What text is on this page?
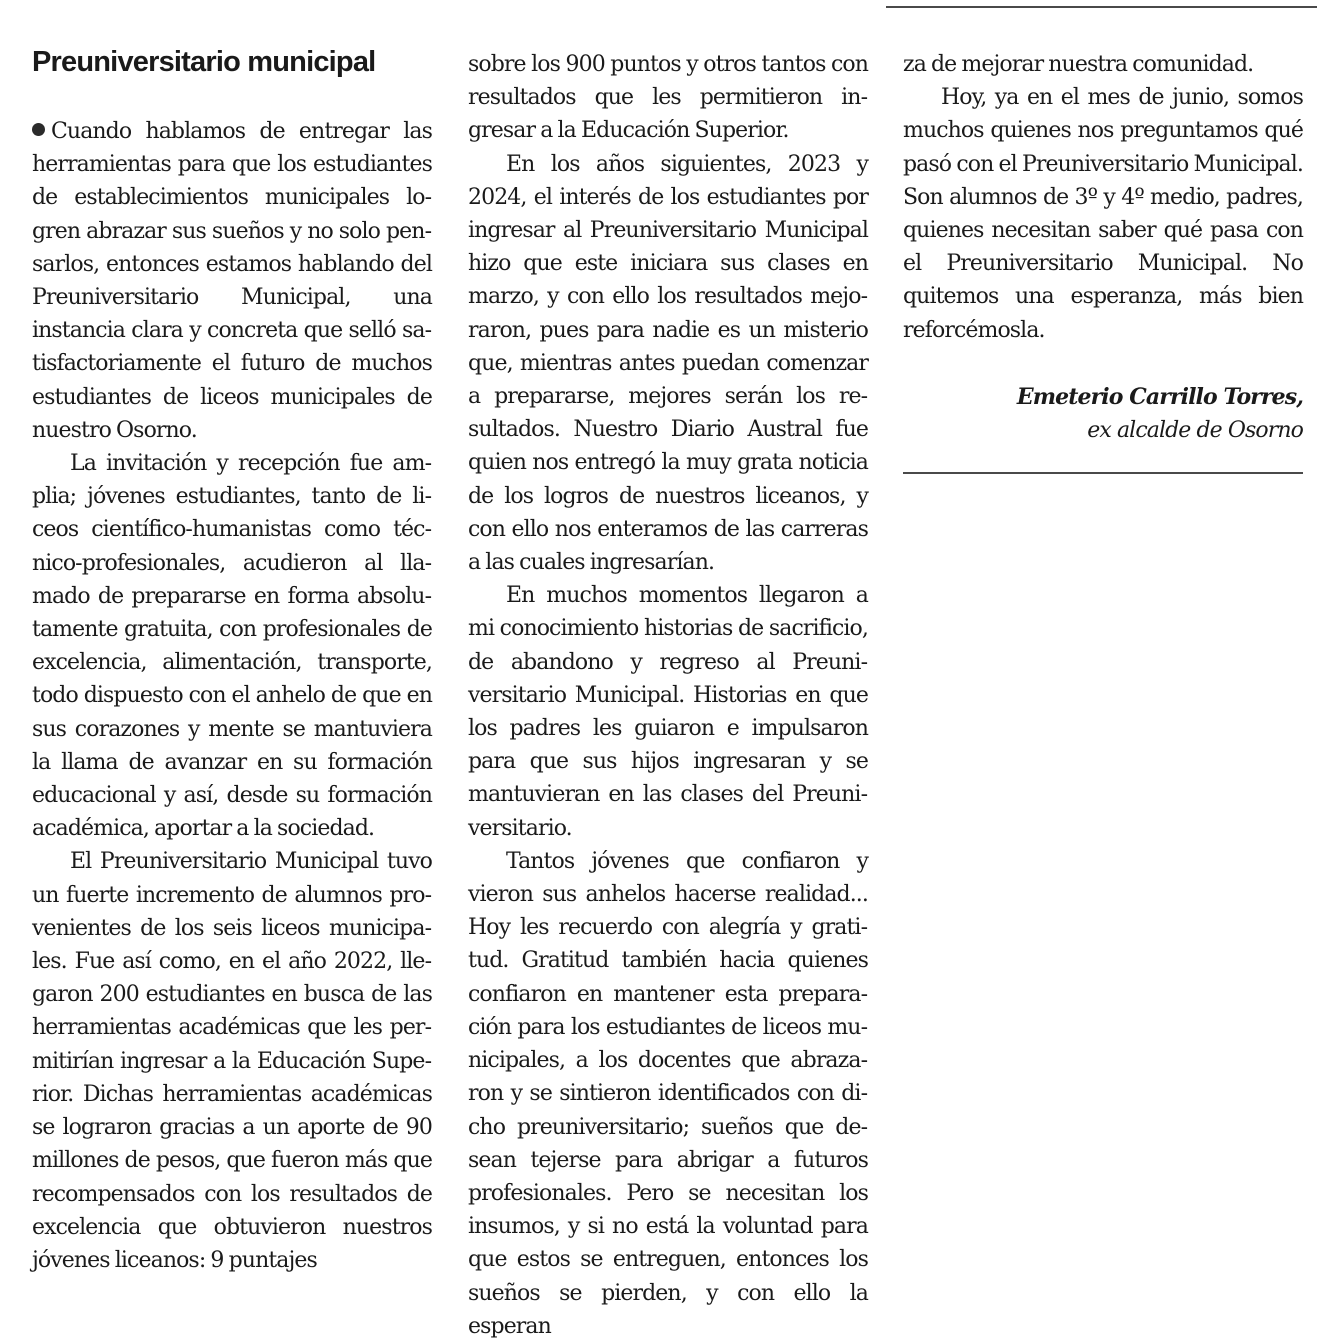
Preuniversitario municipal

Cuando hablamos de entregar las herramientas para que los estudiantes de establecimientos municipales logren abrazar sus sueños y no solo pensarlos, entonces estamos hablando del Preuniversitario Municipal, una instancia clara y concreta que selló satisfactoriamente el futuro de muchos estudiantes de liceos municipales de nuestro Osorno.

La invitación y recepción fue amplia; jóvenes estudiantes, tanto de liceos científico-humanistas como técnico-profesionales, acudieron al llamado de prepararse en forma absolutamente gratuita, con profesionales de excelencia, alimentación, transporte, todo dispuesto con el anhelo de que en sus corazones y mente se mantuviera la llama de avanzar en su formación educacional y así, desde su formación académica, aportar a la sociedad.

El Preuniversitario Municipal tuvo un fuerte incremento de alumnos provenientes de los seis liceos municipales. Fue así como, en el año 2022, llegaron 200 estudiantes en busca de las herramientas académicas que les permitirían ingresar a la Educación Superior. Dichas herramientas académicas se lograron gracias a un aporte de 90 millones de pesos, que fueron más que recompensados con los resultados de excelencia que obtuvieron nuestros jóvenes liceanos: 9 puntajes

sobre los 900 puntos y otros tantos con resultados que les permitieron ingresar a la Educación Superior.

En los años siguientes, 2023 y 2024, el interés de los estudiantes por ingresar al Preuniversitario Municipal hizo que este iniciara sus clases en marzo, y con ello los resultados mejoraron, pues para nadie es un misterio que, mientras antes puedan comenzar a prepararse, mejores serán los resultados. Nuestro Diario Austral fue quien nos entregó la muy grata noticia de los logros de nuestros liceanos, y con ello nos enteramos de las carreras a las cuales ingresarían.

En muchos momentos llegaron a mi conocimiento historias de sacrificio, de abandono y regreso al Preuniversitario Municipal. Historias en que los padres les guiaron e impulsaron para que sus hijos ingresaran y se mantuvieran en las clases del Preuniversitario.

Tantos jóvenes que confiaron y vieron sus anhelos hacerse realidad... Hoy les recuerdo con alegría y gratitud. Gratitud también hacia quienes confiaron en mantener esta preparación para los estudiantes de liceos municipales, a los docentes que abrazaron y se sintieron identificados con dicho preuniversitario; sueños que desean tejerse para abrigar a futuros profesionales. Pero se necesitan los insumos, y si no está la voluntad para que estos se entreguen, entonces los sueños se pierden, y con ello la esperan

za de mejorar nuestra comunidad.

Hoy, ya en el mes de junio, somos muchos quienes nos preguntamos qué pasó con el Preuniversitario Municipal. Son alumnos de 3º y 4º medio, padres, quienes necesitan saber qué pasa con el Preuniversitario Municipal. No quitemos una esperanza, más bien reforcémosla.

Emeterio Carrillo Torres,
ex alcalde de Osorno
